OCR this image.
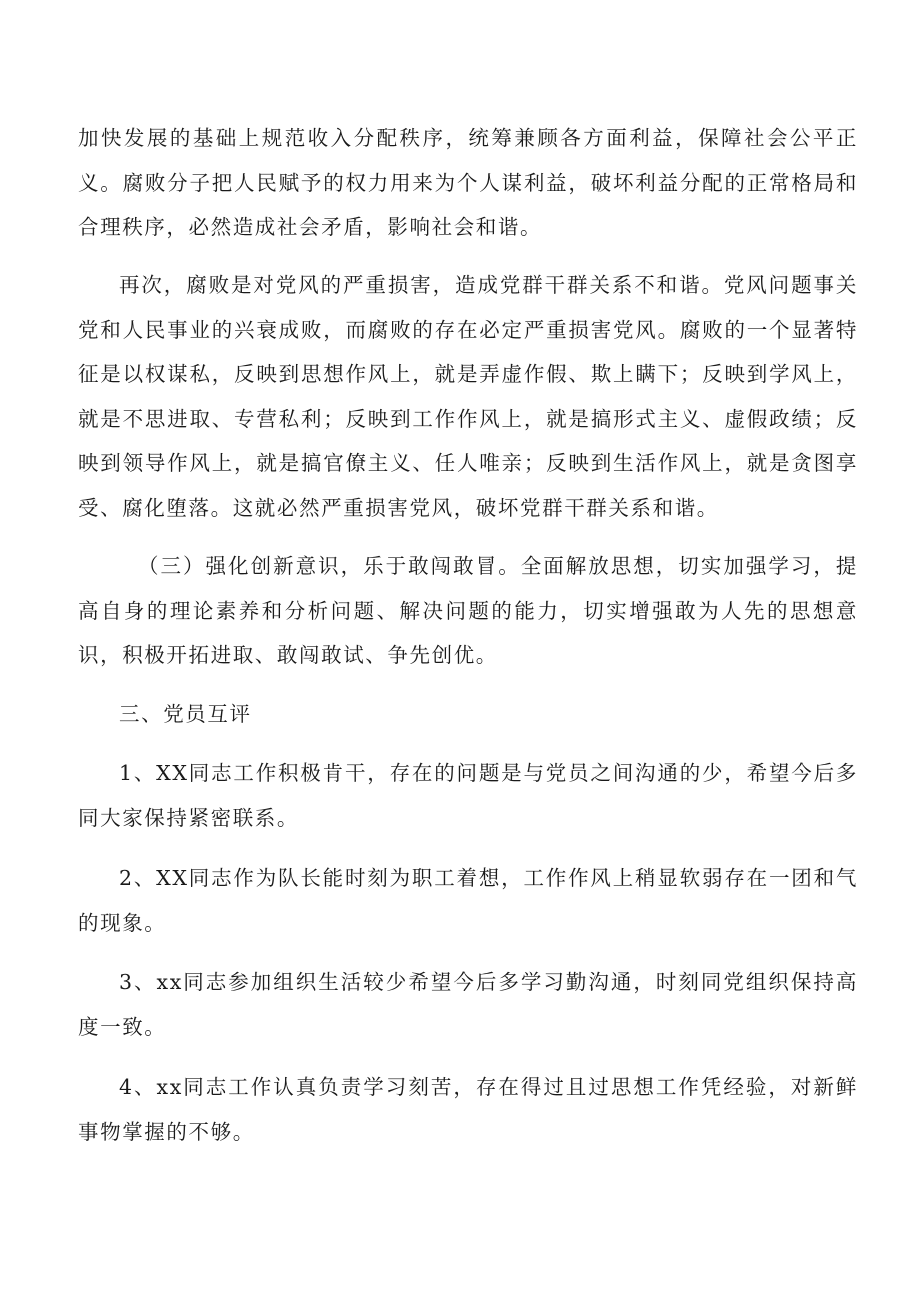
加快发展的基础上规范收入分配秩序，统筹兼顾各方面利益，保障社会公平正义。腐败分子把人民赋予的权力用来为个人谋利益，破坏利益分配的正常格局和合理秩序，必然造成社会矛盾，影响社会和谐。

再次，腐败是对党风的严重损害，造成党群干群关系不和谐。党风问题事关党和人民事业的兴衰成败，而腐败的存在必定严重损害党风。腐败的一个显著特征是以权谋私，反映到思想作风上，就是弄虚作假、欺上瞒下；反映到学风上，就是不思进取、专营私利；反映到工作作风上，就是搞形式主义、虚假政绩；反映到领导作风上，就是搞官僚主义、任人唯亲；反映到生活作风上，就是贪图享受、腐化堕落。这就必然严重损害党风，破坏党群干群关系和谐。

（三）强化创新意识，乐于敢闯敢冒。全面解放思想，切实加强学习，提高自身的理论素养和分析问题、解决问题的能力，切实增强敢为人先的思想意识，积极开拓进取、敢闯敢试、争先创优。

三、党员互评

1、XX同志工作积极肯干，存在的问题是与党员之间沟通的少，希望今后多同大家保持紧密联系。

2、XX同志作为队长能时刻为职工着想，工作作风上稍显软弱存在一团和气的现象。

3、xx同志参加组织生活较少希望今后多学习勤沟通，时刻同党组织保持高度一致。

4、xx同志工作认真负责学习刻苦，存在得过且过思想工作凭经验，对新鲜事物掌握的不够。
